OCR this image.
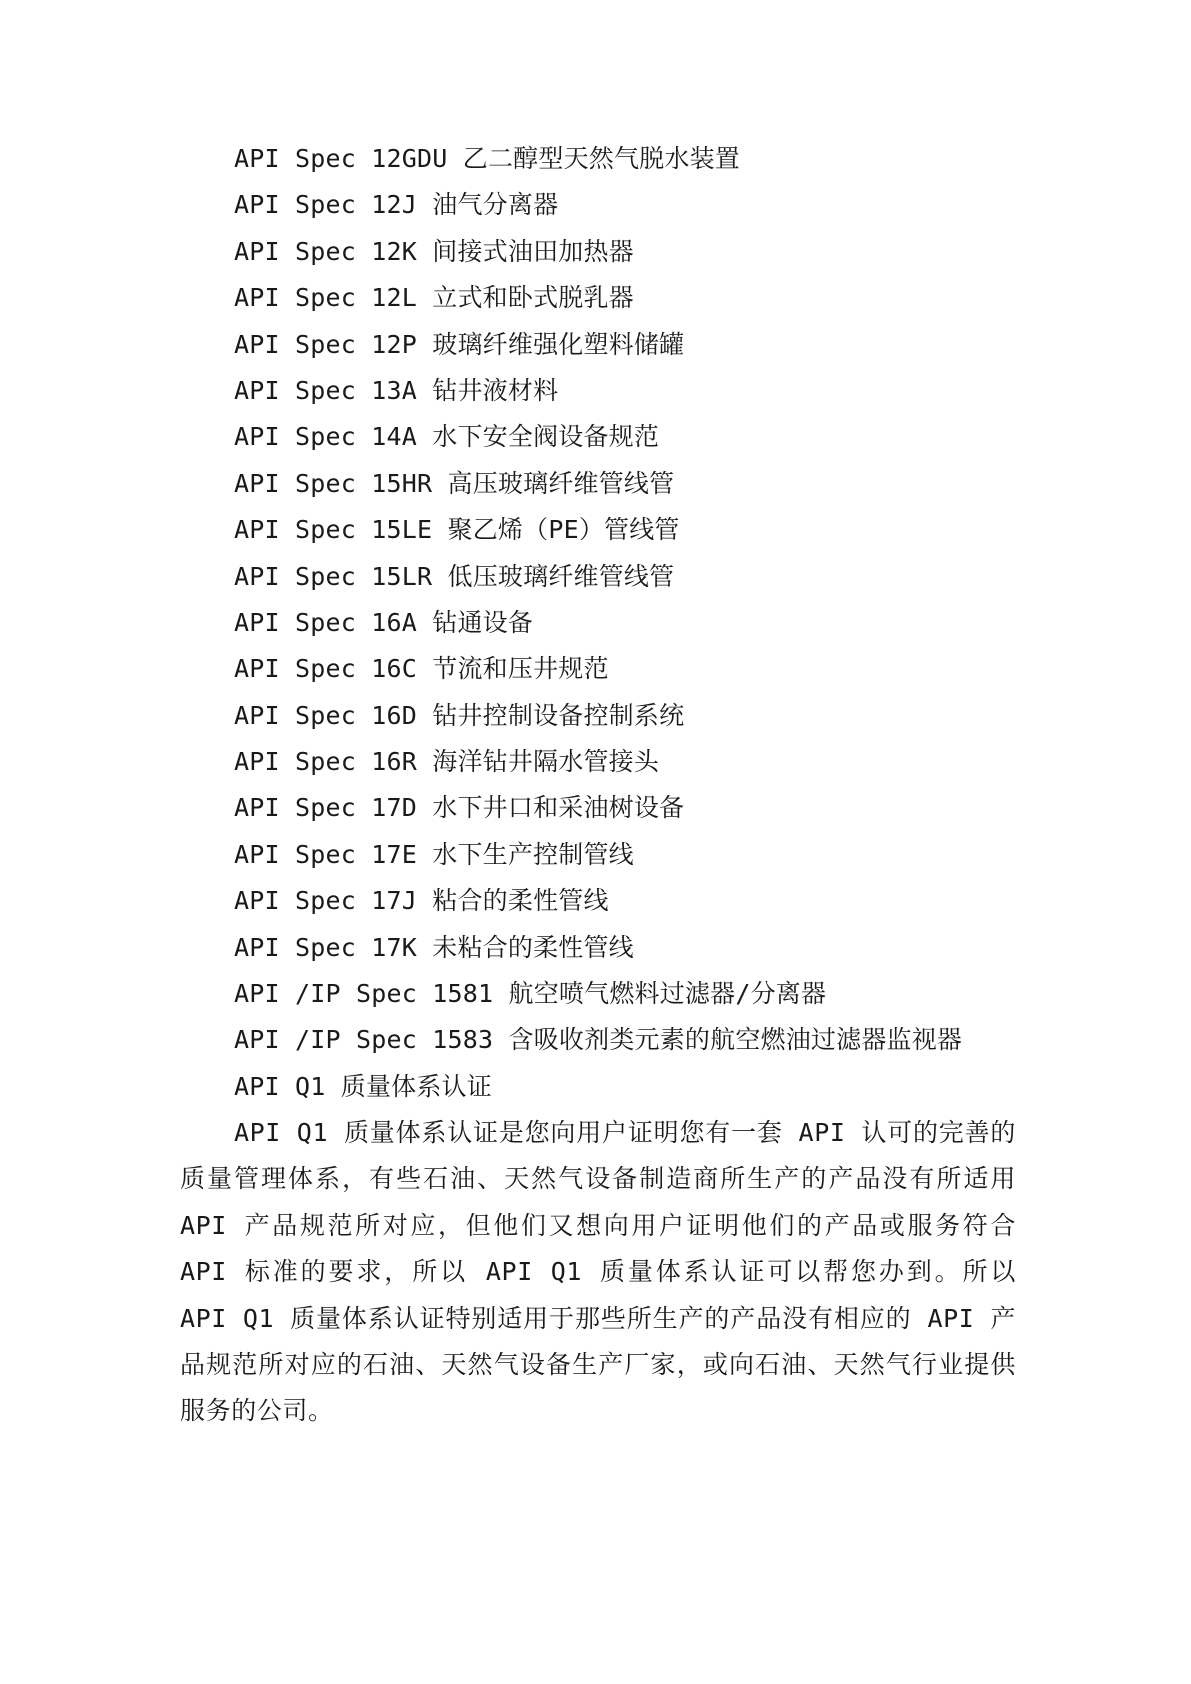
API Spec 12GDU 乙二醇型天然气脱水装置
API Spec 12J 油气分离器
API Spec 12K 间接式油田加热器
API Spec 12L 立式和卧式脱乳器
API Spec 12P 玻璃纤维强化塑料储罐
API Spec 13A 钻井液材料
API Spec 14A 水下安全阀设备规范
API Spec 15HR 高压玻璃纤维管线管
API Spec 15LE 聚乙烯（PE）管线管
API Spec 15LR 低压玻璃纤维管线管
API Spec 16A 钻通设备
API Spec 16C 节流和压井规范
API Spec 16D 钻井控制设备控制系统
API Spec 16R 海洋钻井隔水管接头
API Spec 17D 水下井口和采油树设备
API Spec 17E 水下生产控制管线
API Spec 17J 粘合的柔性管线
API Spec 17K 未粘合的柔性管线
API /IP Spec 1581 航空喷气燃料过滤器/分离器
API /IP Spec 1583 含吸收剂类元素的航空燃油过滤器监视器
API Q1 质量体系认证

API Q1 质量体系认证是您向用户证明您有一套 API 认可的完善的质量管理体系，有些石油、天然气设备制造商所生产的产品没有所适用 API 产品规范所对应，但他们又想向用户证明他们的产品或服务符合 API 标准的要求，所以 API Q1 质量体系认证可以帮您办到。所以 API Q1 质量体系认证特别适用于那些所生产的产品没有相应的 API 产品规范所对应的石油、天然气设备生产厂家，或向石油、天然气行业提供服务的公司。
